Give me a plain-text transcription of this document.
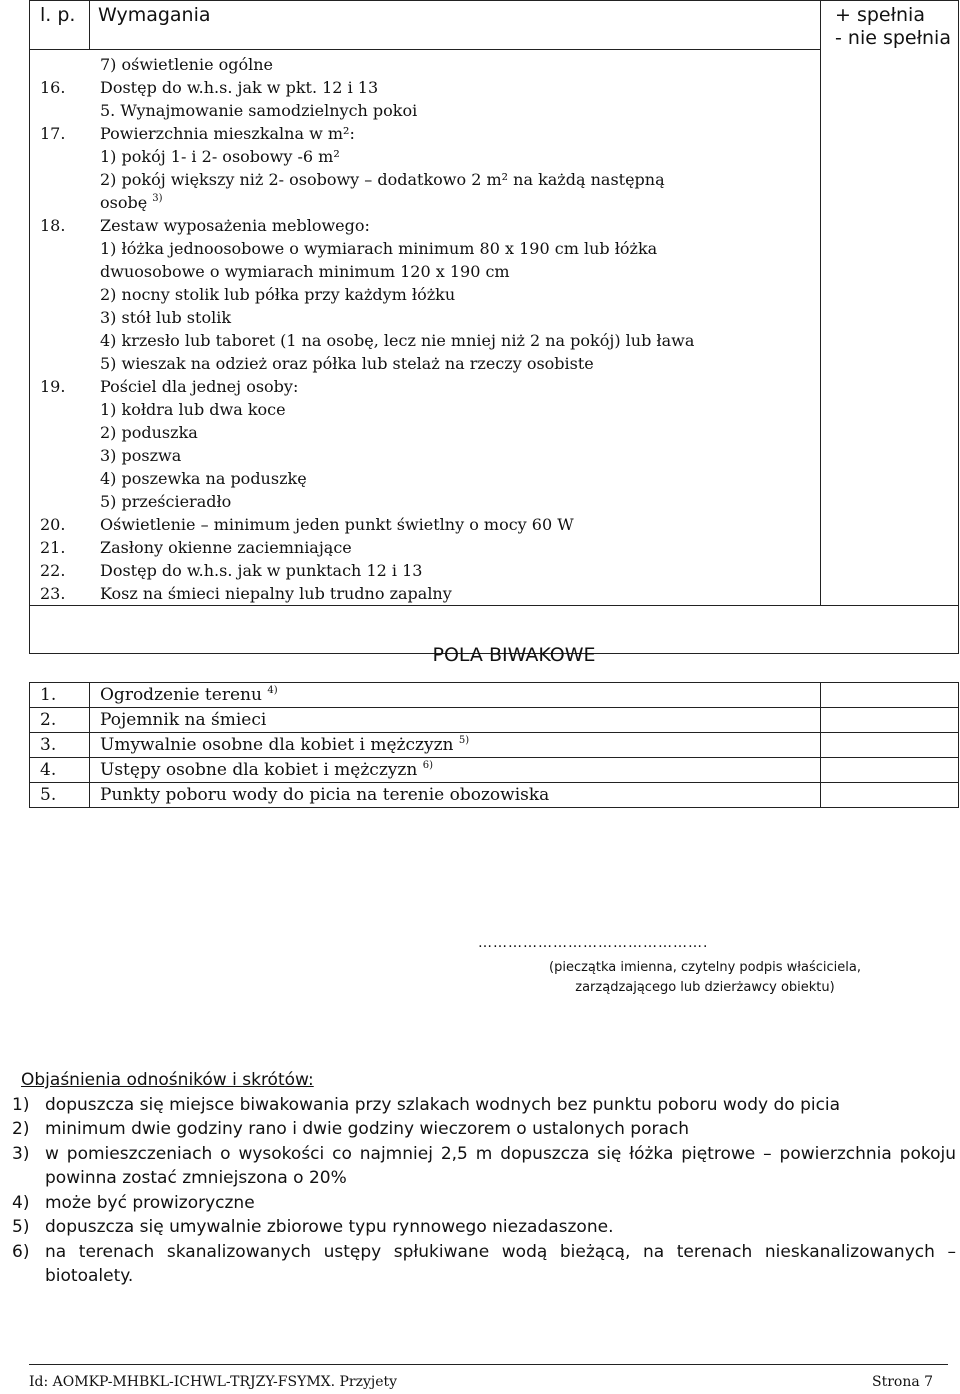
l. p.	Wymagania	+ spełnia
- nie spełnia

7) oświetlenie ogólne
16.	Dostęp do w.h.s. jak w pkt. 12 i 13
5. Wynajmowanie samodzielnych pokoi
17.	Powierzchnia mieszkalna w m²:
1) pokój 1- i 2- osobowy -6 m²
2) pokój większy niż 2- osobowy – dodatkowo 2 m² na każdą następną
osobę $^{3)}$
18.	Zestaw wyposażenia meblowego:
1) łóżka jednoosobowe o wymiarach minimum 80 x 190 cm lub łóżka
dwuosobowe o wymiarach minimum 120 x 190 cm
2) nocny stolik lub półka przy każdym łóżku
3) stół lub stolik
4) krzesło lub taboret (1 na osobę, lecz nie mniej niż 2 na pokój) lub ława
5) wieszak na odzież oraz półka lub stelaż na rzeczy osobiste
19.	Pościel dla jednej osoby:
1) kołdra lub dwa koce
2) poduszka
3) poszwa
4) poszewka na poduszkę
5) prześcieradło
20.	Oświetlenie – minimum jeden punkt świetlny o mocy 60 W
21.	Zasłony okienne zaciemniające
22.	Dostęp do w.h.s. jak w punktach 12 i 13
23.	Kosz na śmieci niepalny lub trudno zapalny

POLA BIWAKOWE
1.	Ogrodzenie terenu $^{4)}$	
2.	Pojemnik na śmieci	
3.	Umywalnie osobne dla kobiet i mężczyzn $^{5)}$	
4.	Ustępy osobne dla kobiet i mężczyzn $^{6)}$	
5.	Punkty poboru wody do picia na terenie obozowiska	
……………………………………….
(pieczątka imienna, czytelny podpis właściciela,
zarządzającego lub dzierżawcy obiektu)
Objaśnienia odnośników i skrótów:
1) dopuszcza się miejsce biwakowania przy szlakach wodnych bez punktu poboru wody do picia
2) minimum dwie godziny rano i dwie godziny wieczorem o ustalonych porach
3) w pomieszczeniach o wysokości co najmniej 2,5 m dopuszcza się łóżka piętrowe – powierzchnia pokoju powinna zostać zmniejszona o 20%
4) może być prowizoryczne
5) dopuszcza się umywalnie zbiorowe typu rynnowego niezadaszone.
6) na terenach skanalizowanych ustępy spłukiwane wodą bieżącą, na terenach nieskanalizowanych – biotoalety.
Id: AOMKP-MHBKL-ICHWL-TRJZY-FSYMX. Przyjety	Strona 7
